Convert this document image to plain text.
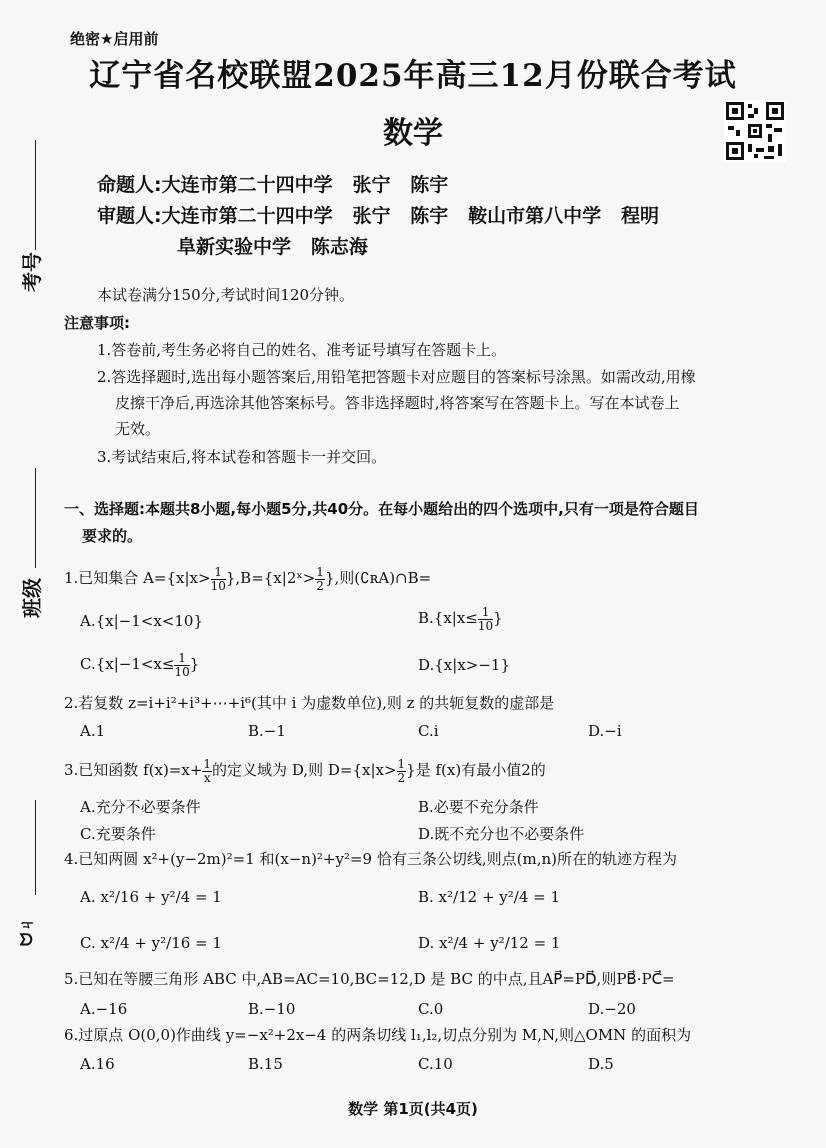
绝密★启用前
辽宁省名校联盟2025年高三12月份联合考试
数学
命题人:大连市第二十四中学   张宁   陈宇
审题人:大连市第二十四中学   张宁   陈宇   鞍山市第八中学   程明
阜新实验中学   陈志海
考号
班级
ᗢㄐ
本试卷满分150分,考试时间120分钟。
注意事项:
1.答卷前,考生务必将自己的姓名、准考证号填写在答题卡上。
2.答选择题时,选出每小题答案后,用铅笔把答题卡对应题目的答案标号涂黑。如需改动,用橡
皮擦干净后,再选涂其他答案标号。答非选择题时,将答案写在答题卡上。写在本试卷上
无效。
3.考试结束后,将本试卷和答题卡一并交回。
一、选择题:本题共8小题,每小题5分,共40分。在每小题给出的四个选项中,只有一项是符合题目
要求的。
1.已知集合 $A=\{x|x> \frac{1}{10}$ },B={x|2ˣ> $\frac{1}{2}$ },则(∁ʀA)∩B=
A.{x|−1<x<10}	$B.\{x|x\le \frac{1}{10}$ }
$C.\{x|-1<x\le \frac{1}{10}$ }	D.{x|x>−1}
2.若复数 z=i+i²+i³+⋯+i⁶(其中 i 为虚数单位),则 z 的共轭复数的虚部是
A.1	B.−1	C.i	D.−i
3.已知函数 $f(x)=x+ \frac{1}{x}$ 的定义域为 D,则 $D=\{x|x> \frac{1}{2}$ }是 f(x)有最小值2的
A.充分不必要条件	B.必要不充分条件
C.充要条件	D.既不充分也不必要条件
4.已知两圆 x²+(y−2m)²=1 和(x−n)²+y²=9 恰有三条公切线,则点(m,n)所在的轨迹方程为
A. x²/16 + y²/4 = 1	B. x²/12 + y²/4 = 1
C. x²/4 + y²/16 = 1	D. x²/4 + y²/12 = 1
5.已知在等腰三角形 ABC 中,AB=AC=10,BC=12,D 是 BC 的中点,且AP⃗=PD⃗,则PB⃗·PC⃗=
A.−16	B.−10	C.0	D.−20
6.过原点 O(0,0)作曲线 y=−x²+2x−4 的两条切线 l₁,l₂,切点分别为 M,N,则△OMN 的面积为
A.16	B.15	C.10	D.5
数学 第1页(共4页)
